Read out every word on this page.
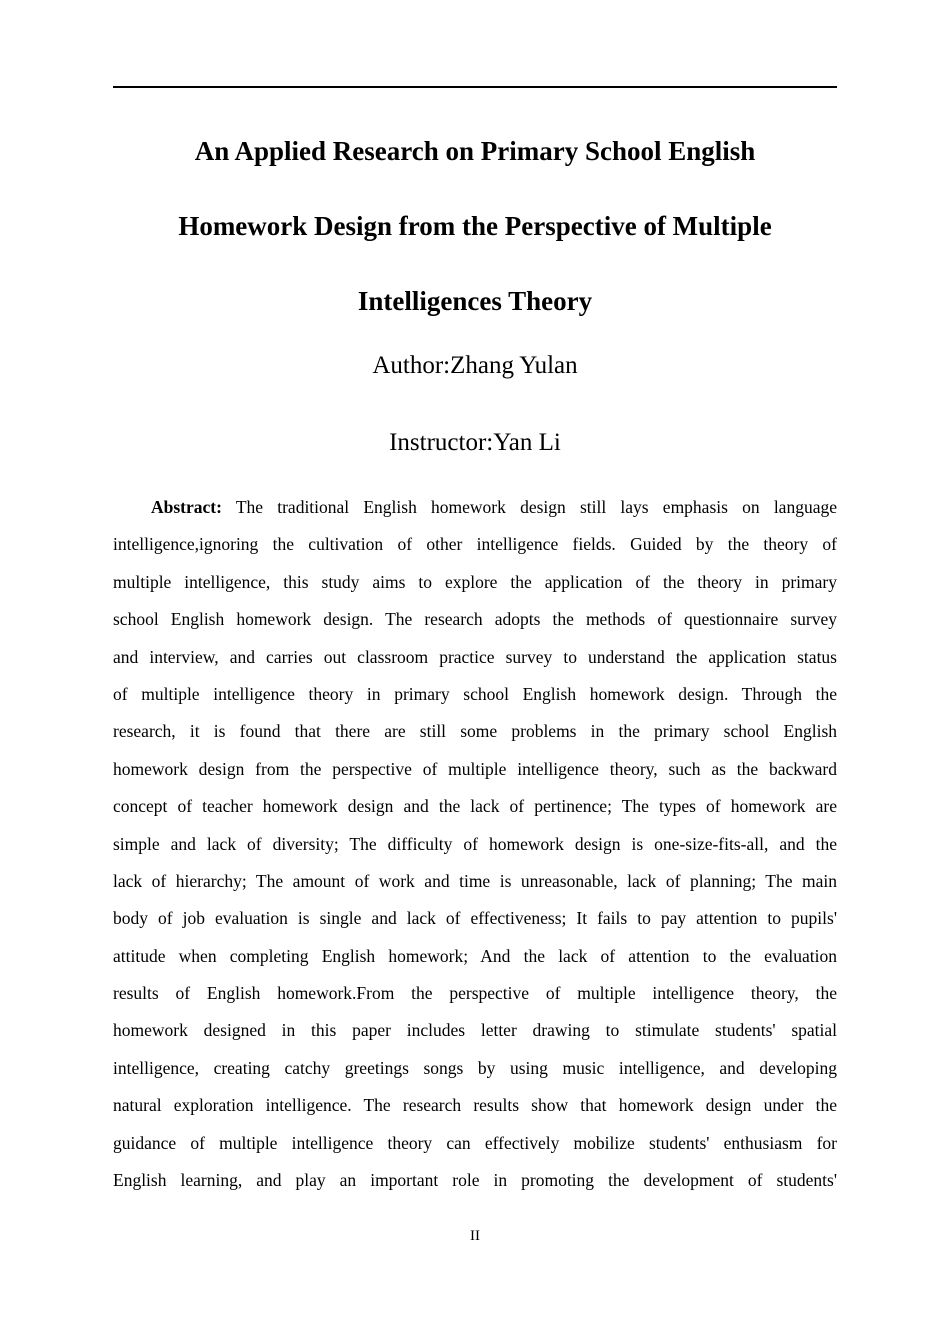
An Applied Research on Primary School English
Homework Design from the Perspective of Multiple
Intelligences Theory
Author:Zhang Yulan
Instructor:Yan Li
Abstract: The traditional English homework design still lays emphasis on language
intelligence,ignoring the cultivation of other intelligence fields. Guided by the theory of
multiple intelligence, this study aims to explore the application of the theory in primary
school English homework design. The research adopts the methods of questionnaire survey
and interview, and carries out classroom practice survey to understand the application status
of multiple intelligence theory in primary school English homework design. Through the
research, it is found that there are still some problems in the primary school English
homework design from the perspective of multiple intelligence theory, such as the backward
concept of teacher homework design and the lack of pertinence; The types of homework are
simple and lack of diversity; The difficulty of homework design is one-size-fits-all, and the
lack of hierarchy; The amount of work and time is unreasonable, lack of planning; The main
body of job evaluation is single and lack of effectiveness; It fails to pay attention to pupils'
attitude when completing English homework; And the lack of attention to the evaluation
results of English homework.From the perspective of multiple intelligence theory, the
homework designed in this paper includes letter drawing to stimulate students' spatial
intelligence, creating catchy greetings songs by using music intelligence, and developing
natural exploration intelligence. The research results show that homework design under the
guidance of multiple intelligence theory can effectively mobilize students' enthusiasm for
English learning, and play an important role in promoting the development of students'
II
